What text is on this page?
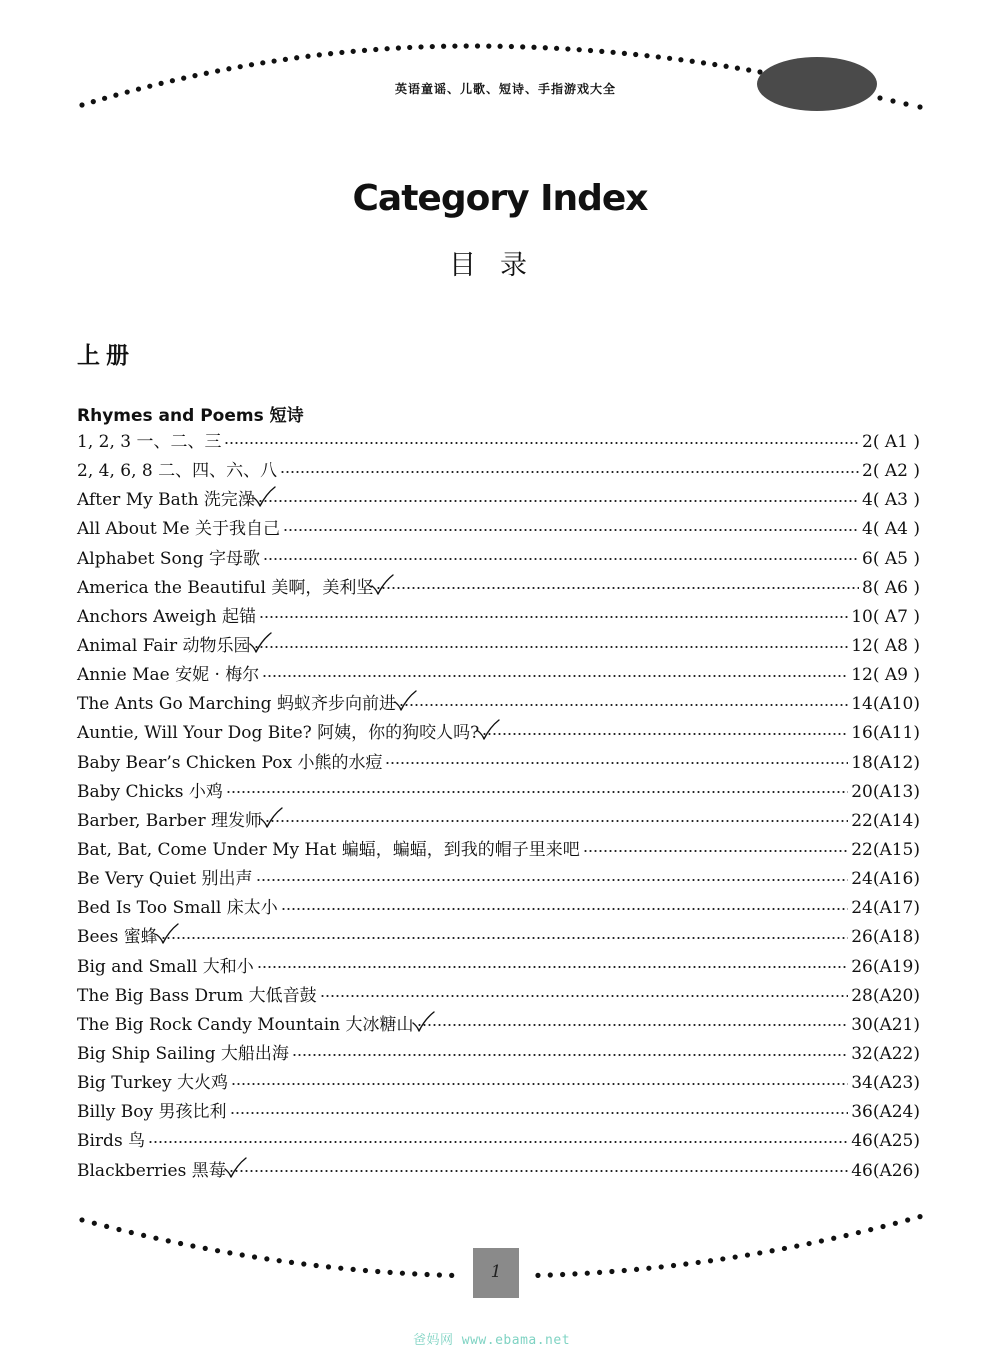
英语童谣、儿歌、短诗、手指游戏大全
Category Index
目录
上册
Rhymes and Poems 短诗
1, 2, 3 一、二、三	2( A1 )
2, 4, 6, 8 二、四、六、八	2( A2 )
After My Bath 洗完澡	4( A3 )
All About Me 关于我自己	4( A4 )
Alphabet Song 字母歌	6( A5 )
America the Beautiful 美啊，美利坚	8( A6 )
Anchors Aweigh 起锚	10( A7 )
Animal Fair 动物乐园	12( A8 )
Annie Mae 安妮 · 梅尔	12( A9 )
The Ants Go Marching 蚂蚁齐步向前进	14(A10)
Auntie, Will Your Dog Bite? 阿姨，你的狗咬人吗?	16(A11)
Baby Bear’s Chicken Pox 小熊的水痘	18(A12)
Baby Chicks 小鸡	20(A13)
Barber, Barber 理发师	22(A14)
Bat, Bat, Come Under My Hat 蝙蝠，蝙蝠，到我的帽子里来吧	22(A15)
Be Very Quiet 别出声	24(A16)
Bed Is Too Small 床太小	24(A17)
Bees 蜜蜂	26(A18)
Big and Small 大和小	26(A19)
The Big Bass Drum 大低音鼓	28(A20)
The Big Rock Candy Mountain 大冰糖山	30(A21)
Big Ship Sailing 大船出海	32(A22)
Big Turkey 大火鸡	34(A23)
Billy Boy 男孩比利	36(A24)
Birds 鸟	46(A25)
Blackberries 黑莓	46(A26)
1
爸妈网 www.ebama.net
